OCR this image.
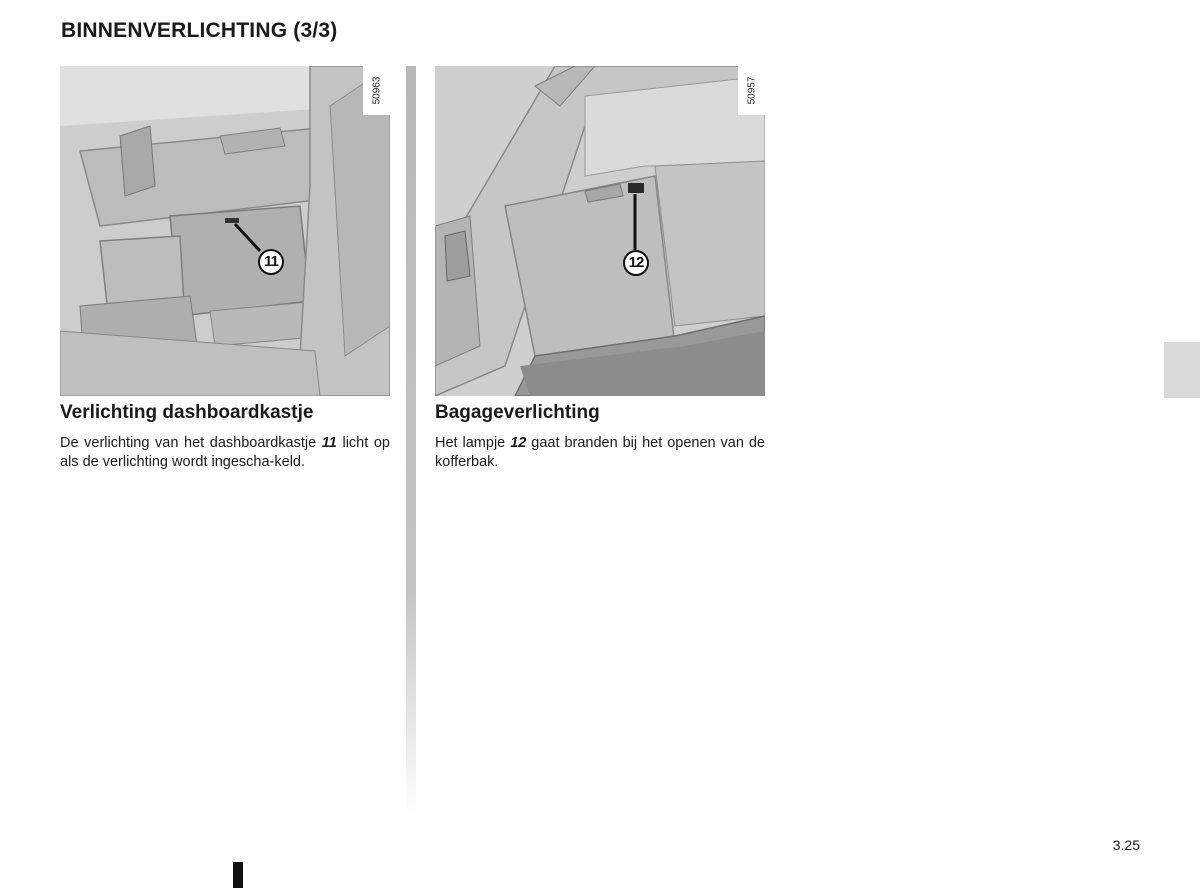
BINNENVERLICHTING (3/3)
11
50963
12
50957
Verlichting dashboardkastje

De verlichting van het dashboardkastje 11 licht op als de verlichting wordt ingescha-keld.

Bagageverlichting

Het lampje 12 gaat branden bij het openen van de kofferbak.

3.25
